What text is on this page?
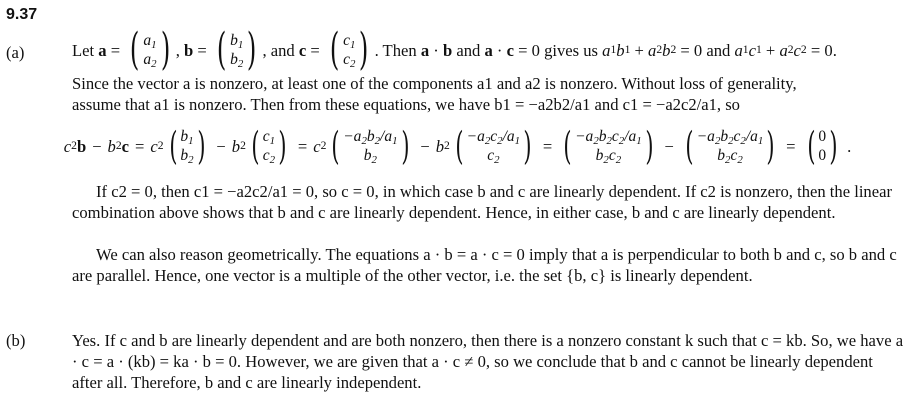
9.37
(a)	Let
a = ( $a_1$
$a_2$ ) , b = ( $b_1$
$b_2$ ) , and
c = ( $c_1$
$c_2$ ) . Then
a · b
and
a · c = 0 gives us
a 1 b 1 + a 2 b 2 = 0 and
a 1 c 1 + a 2 c 2 = 0 .
Since the vector a is nonzero, at least one of the components a1 and a2 is nonzero. Without loss of generality,
assume that a1 is nonzero. Then from these equations, we have b1 = −a2b2/a1 and c1 = −a2c2/a1, so
c 2 b − b 2 c = c 2 ( $b_1$
$b_2$ ) − b 2 ( $c_1$
$c_2$ ) = c 2 ( $-a_2b_2/a_1$
$b_2$ ) − b 2 ( $-a_2c_2/a_1$
$c_2$ ) = ( $-a_2b_2c_2/a_1$
$b_2c_2$ ) − ( $-a_2b_2c_2/a_1$
$b_2c_2$ ) = ( 0
0 ) .
If c2 = 0, then c1 = −a2c2/a1 = 0, so c = 0, in which case b and c are linearly dependent. If c2 is nonzero, then the linear combination above shows that b and c are linearly dependent. Hence, in either case, b and c are linearly dependent.
We can also reason geometrically. The equations a · b = a · c = 0 imply that a is perpendicular to both b and c, so b and c are parallel. Hence, one vector is a multiple of the other vector, i.e. the set {b, c} is linearly dependent.
(b)	Yes. If c and b are linearly dependent and are both nonzero, then there is a nonzero constant k such that c = kb. So, we have a · c = a · (kb) = ka · b = 0. However, we are given that a · c ≠ 0, so we conclude that b and c cannot be linearly dependent after all. Therefore, b and c are linearly independent.
